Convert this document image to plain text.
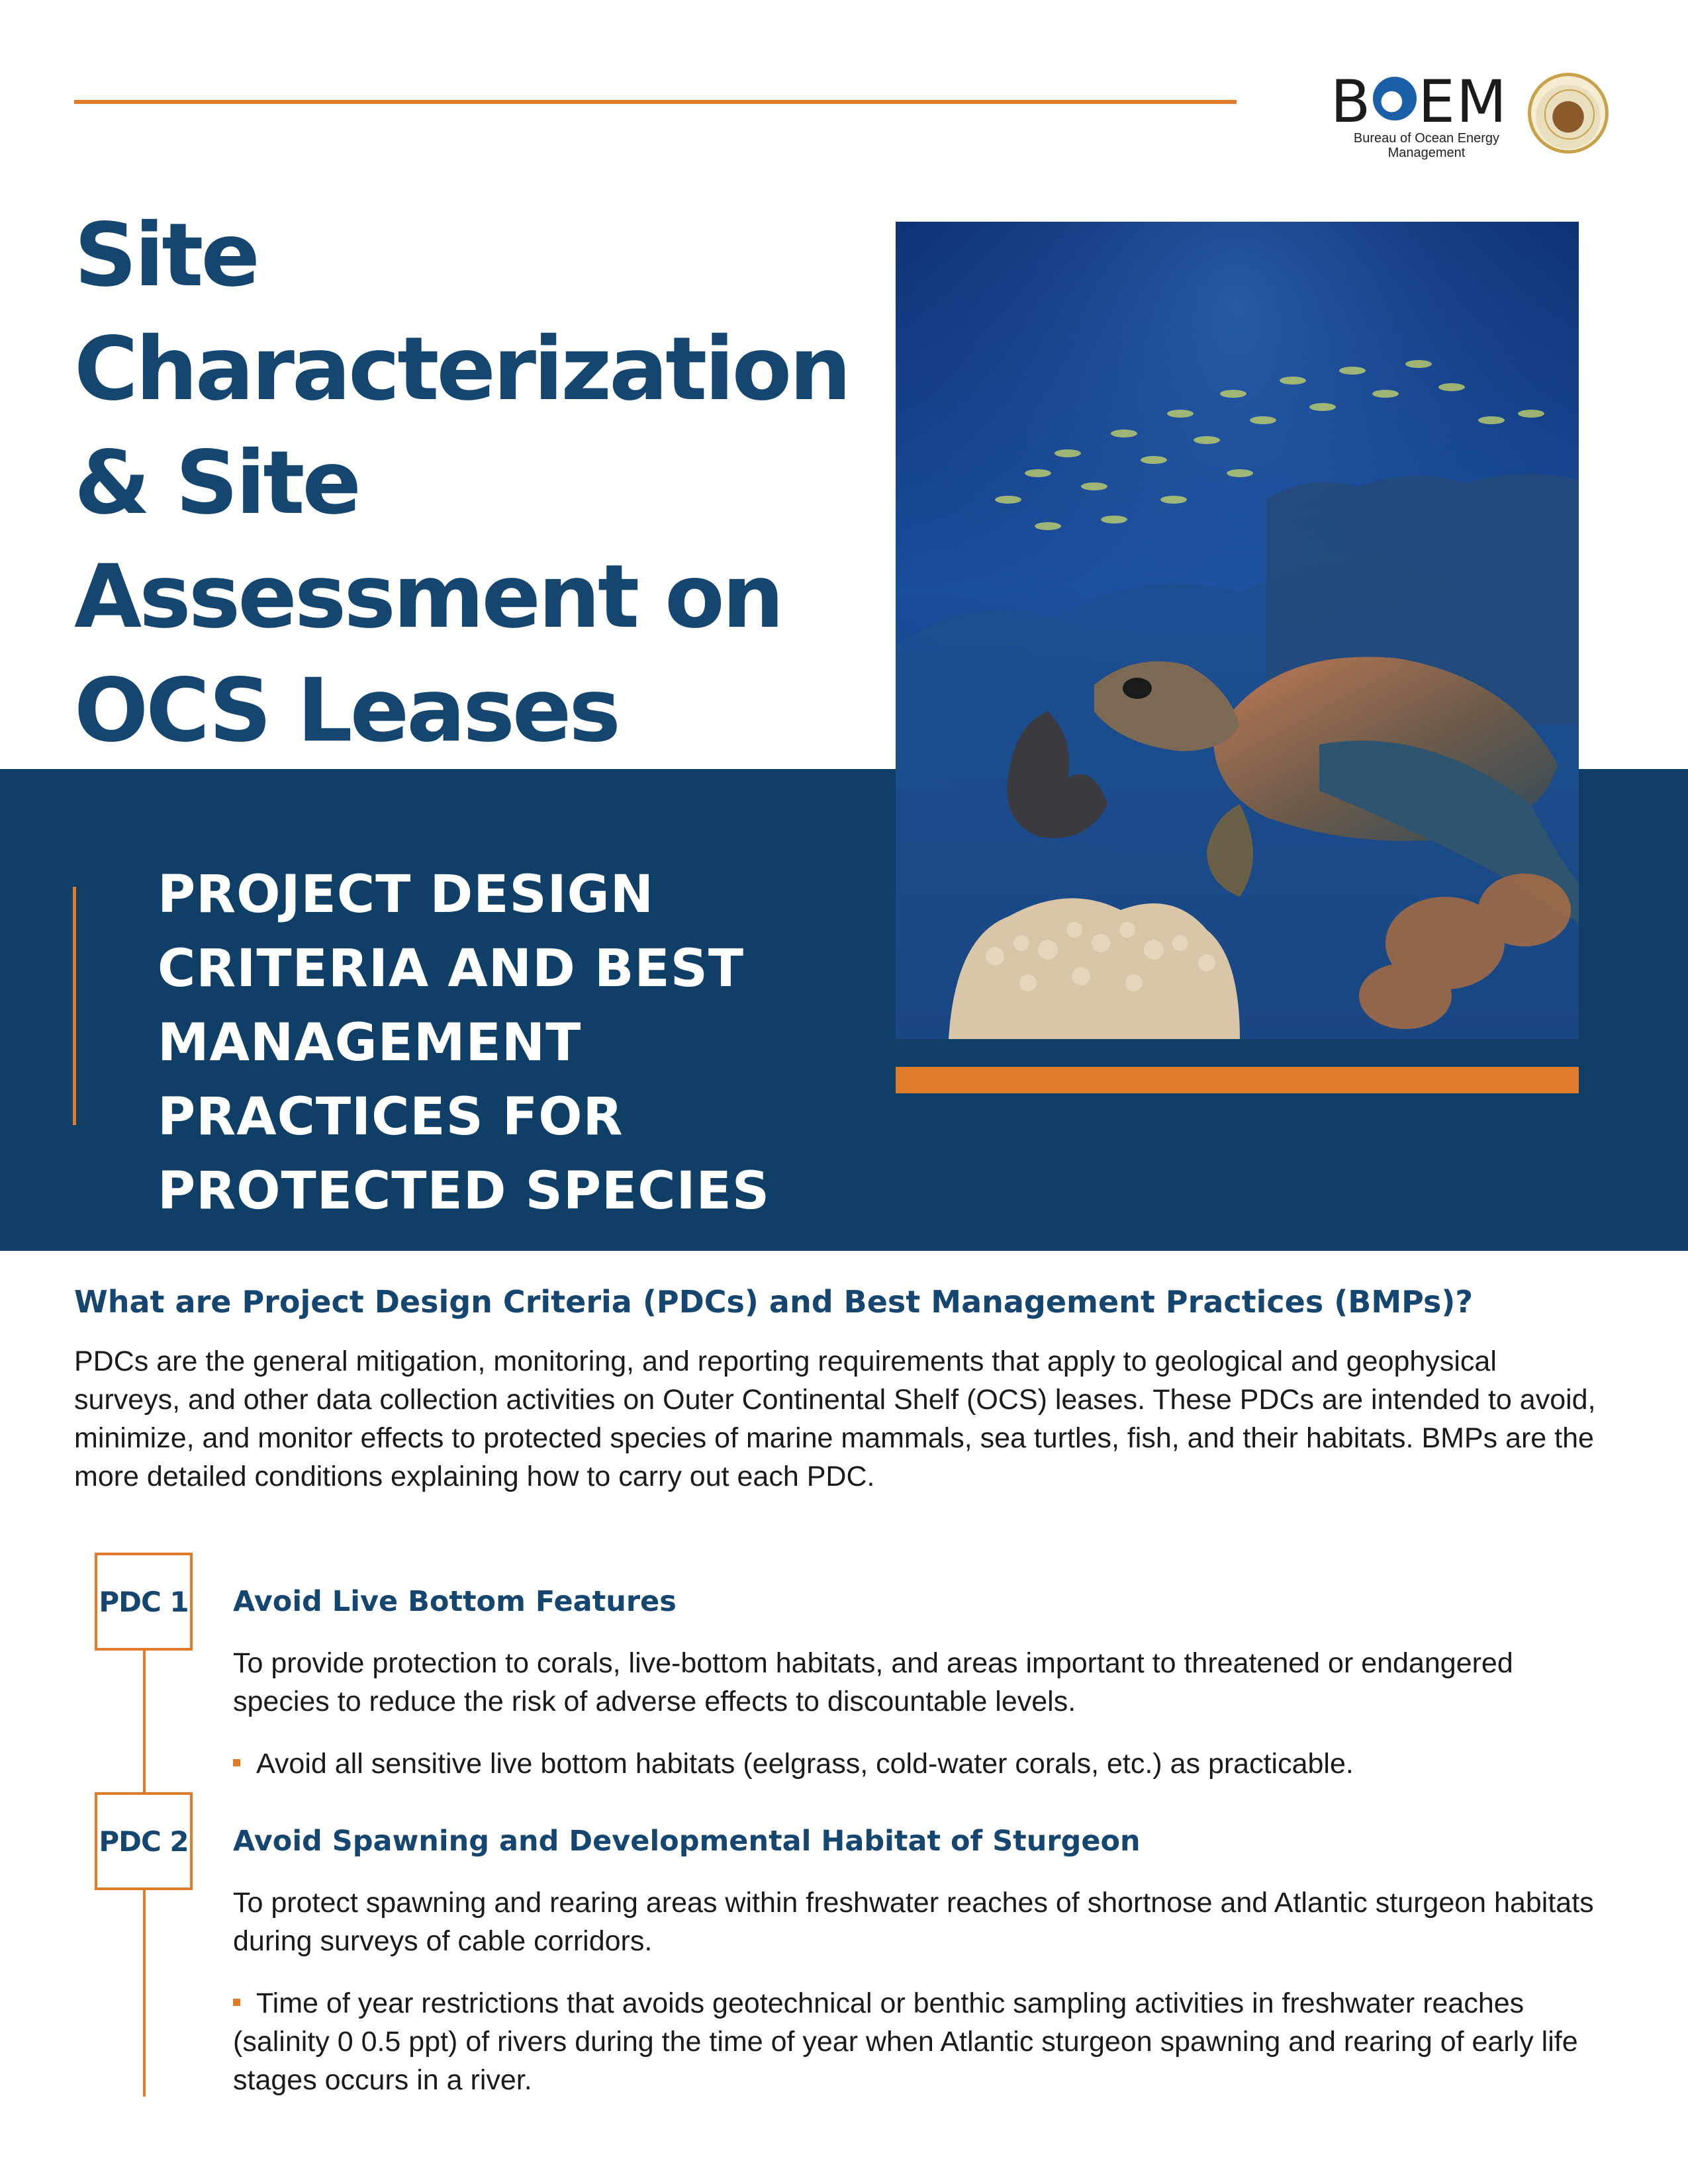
B EM
Bureau of Ocean Energy Management
Site Characterization & Site Assessment on OCS Leases
PROJECT DESIGN CRITERIA AND BEST MANAGEMENT PRACTICES FOR PROTECTED SPECIES
What are Project Design Criteria (PDCs) and Best Management Practices (BMPs)?

PDCs are the general mitigation, monitoring, and reporting requirements that apply to geological and geophysical surveys, and other data collection activities on Outer Continental Shelf (OCS) leases. These PDCs are intended to avoid, minimize, and monitor effects to protected species of marine mammals, sea turtles, fish, and their habitats. BMPs are the more detailed conditions explaining how to carry out each PDC.

PDC 1 Avoid Live Bottom Features

To provide protection to corals, live-bottom habitats, and areas important to threatened or endangered species to reduce the risk of adverse effects to discountable levels.

Avoid all sensitive live bottom habitats (eelgrass, cold-water corals, etc.) as practicable.

PDC 2 Avoid Spawning and Developmental Habitat of Sturgeon

To protect spawning and rearing areas within freshwater reaches of shortnose and Atlantic sturgeon habitats during surveys of cable corridors.

Time of year restrictions that avoids geotechnical or benthic sampling activities in freshwater reaches (salinity 0 0.5 ppt) of rivers during the time of year when Atlantic sturgeon spawning and rearing of early life stages occurs in a river.
